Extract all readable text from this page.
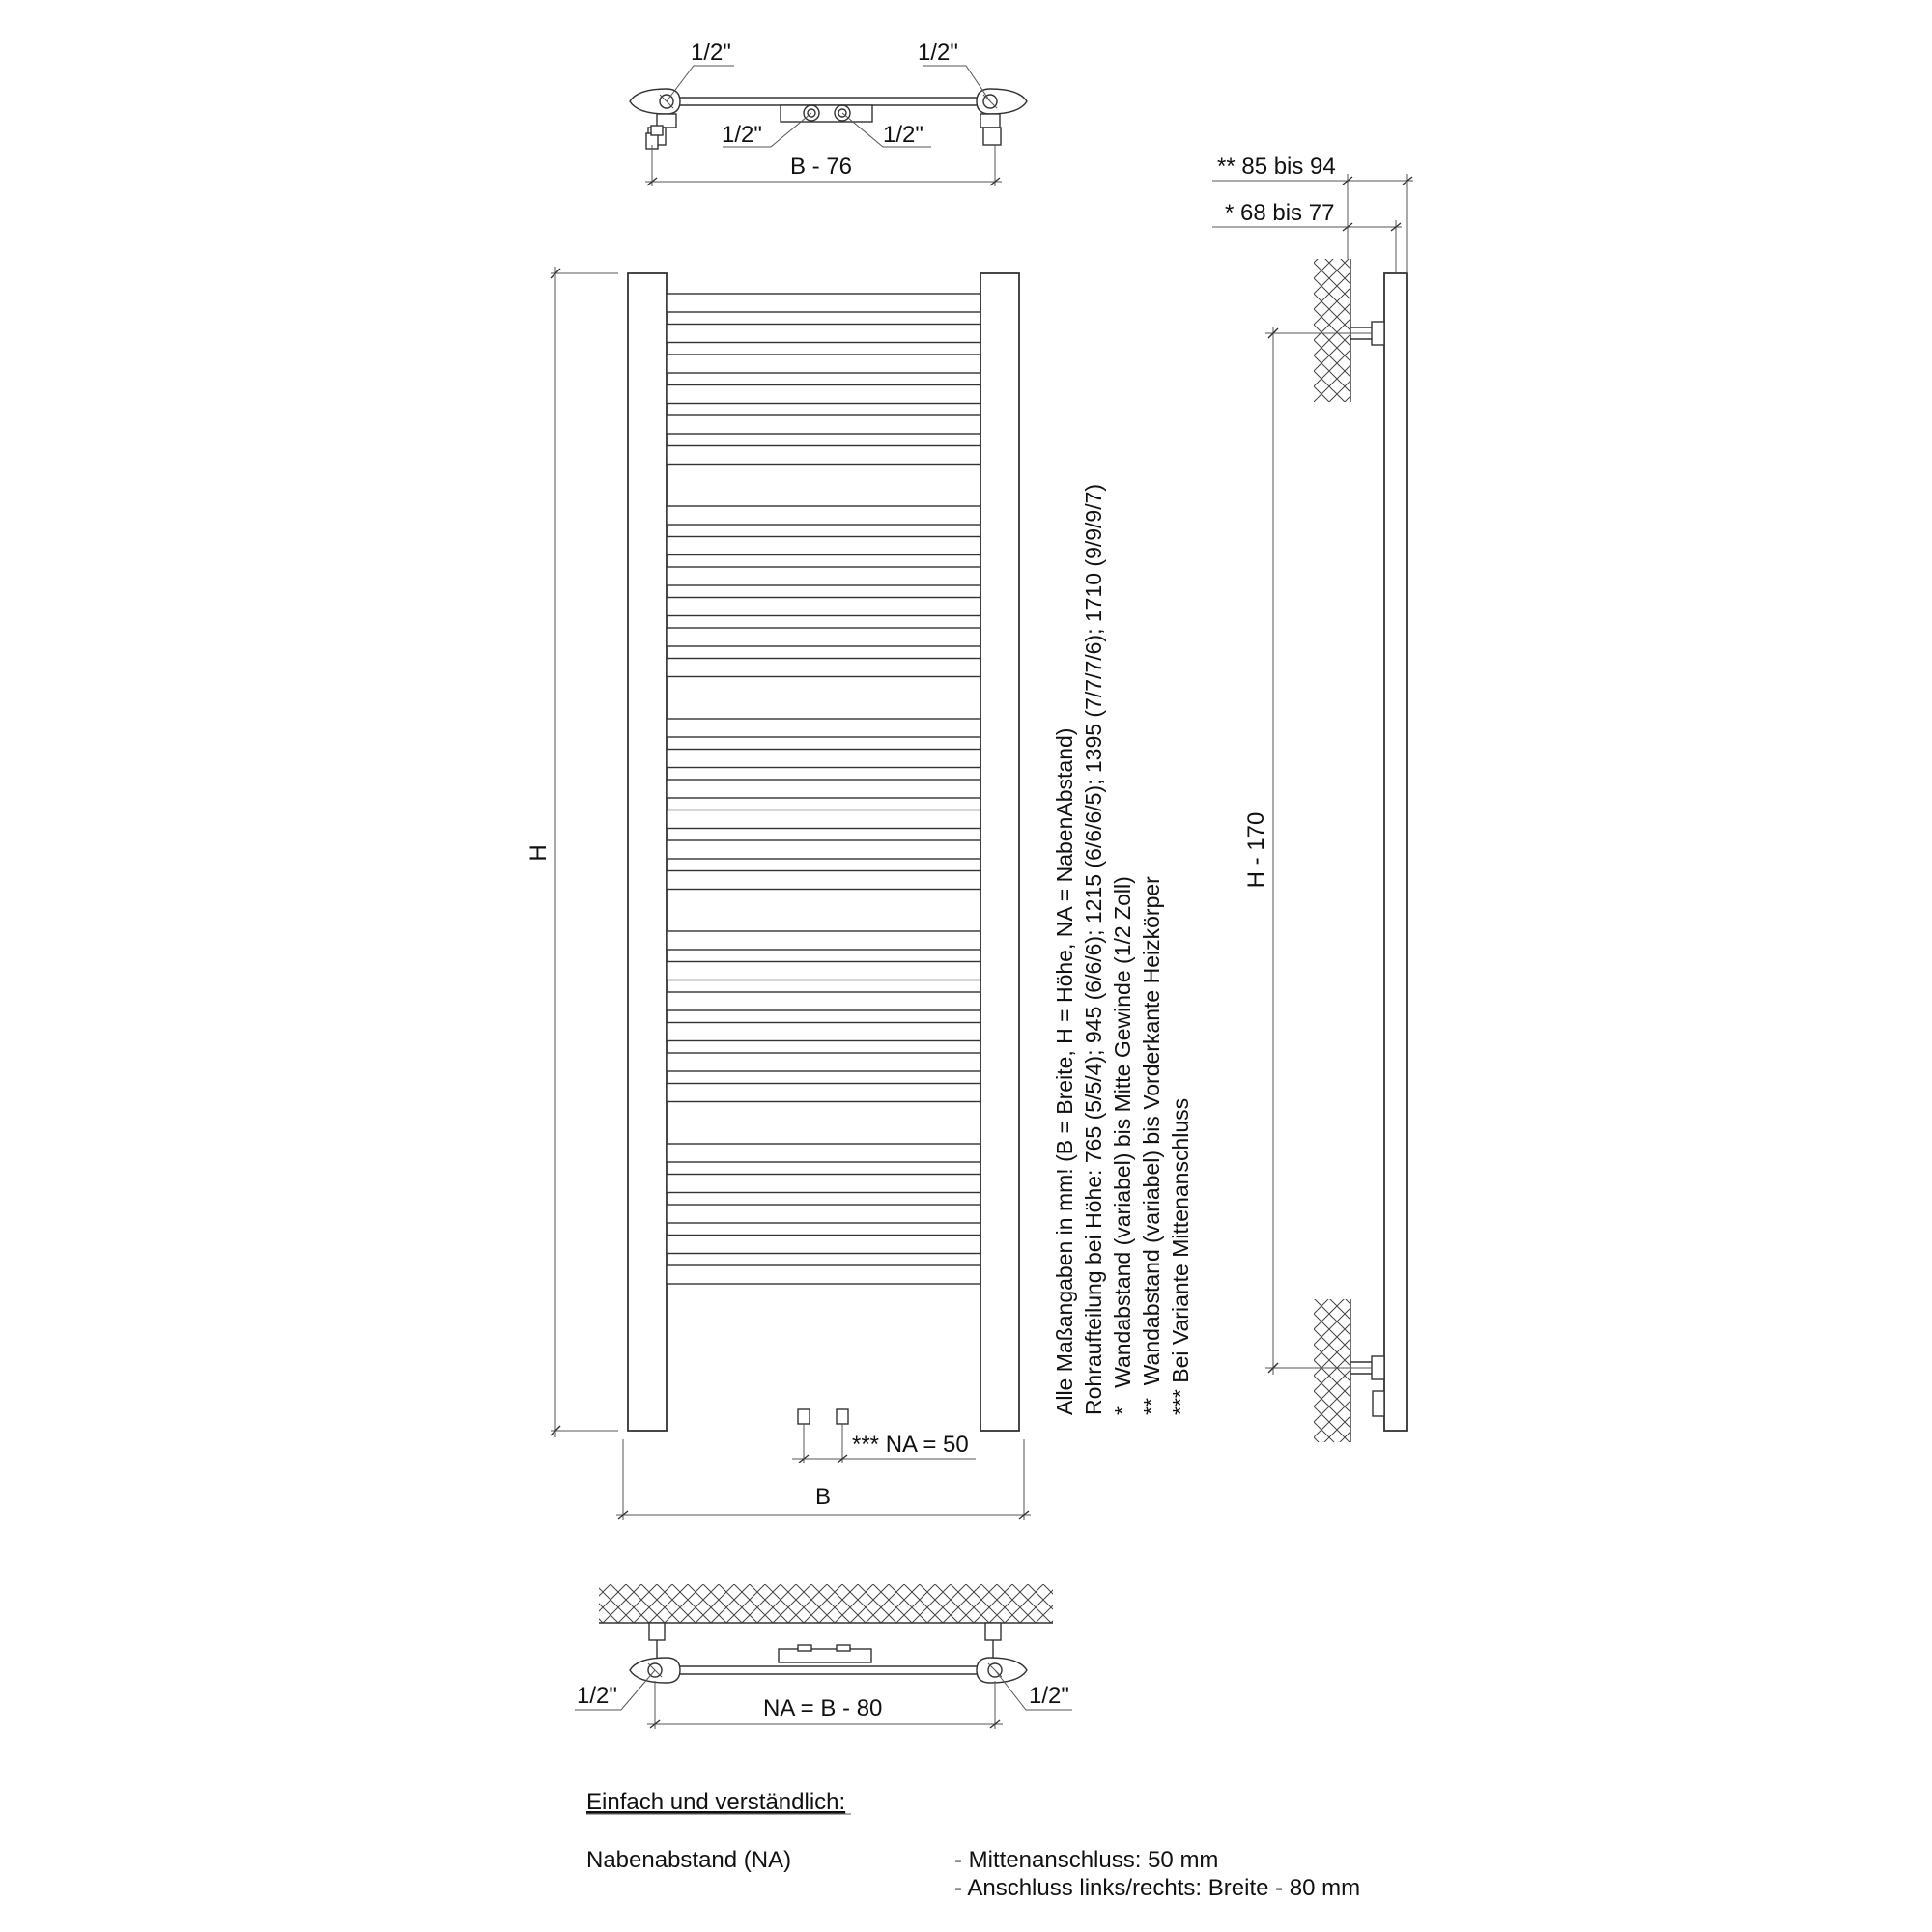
1/2"	1/2"
1/2"	1/2"
B - 76
H
B
*** NA = 50
Alle Maßangaben in mm! (B = Breite, H = Höhe, NA = NabenAbstand) Rohraufteilung bei Höhe: 765 (5/5/4); 945 (6/6/6); 1215 (6/6/6/5); 1395 (7/7/7/6); 1710 (9/9/9/7) *   Wandabstand (variabel) bis Mitte Gewinde (1/2 Zoll) **  Wandabstand (variabel) bis Vorderkante Heizkörper *** Bei Variante Mittenanschluss
** 85 bis 94
* 68 bis 77
H - 170
1/2"	1/2"
NA = B - 80
Einfach und verständlich:
Nabenabstand (NA)	- Mittenanschluss: 50 mm
- Anschluss links/rechts: Breite - 80 mm
